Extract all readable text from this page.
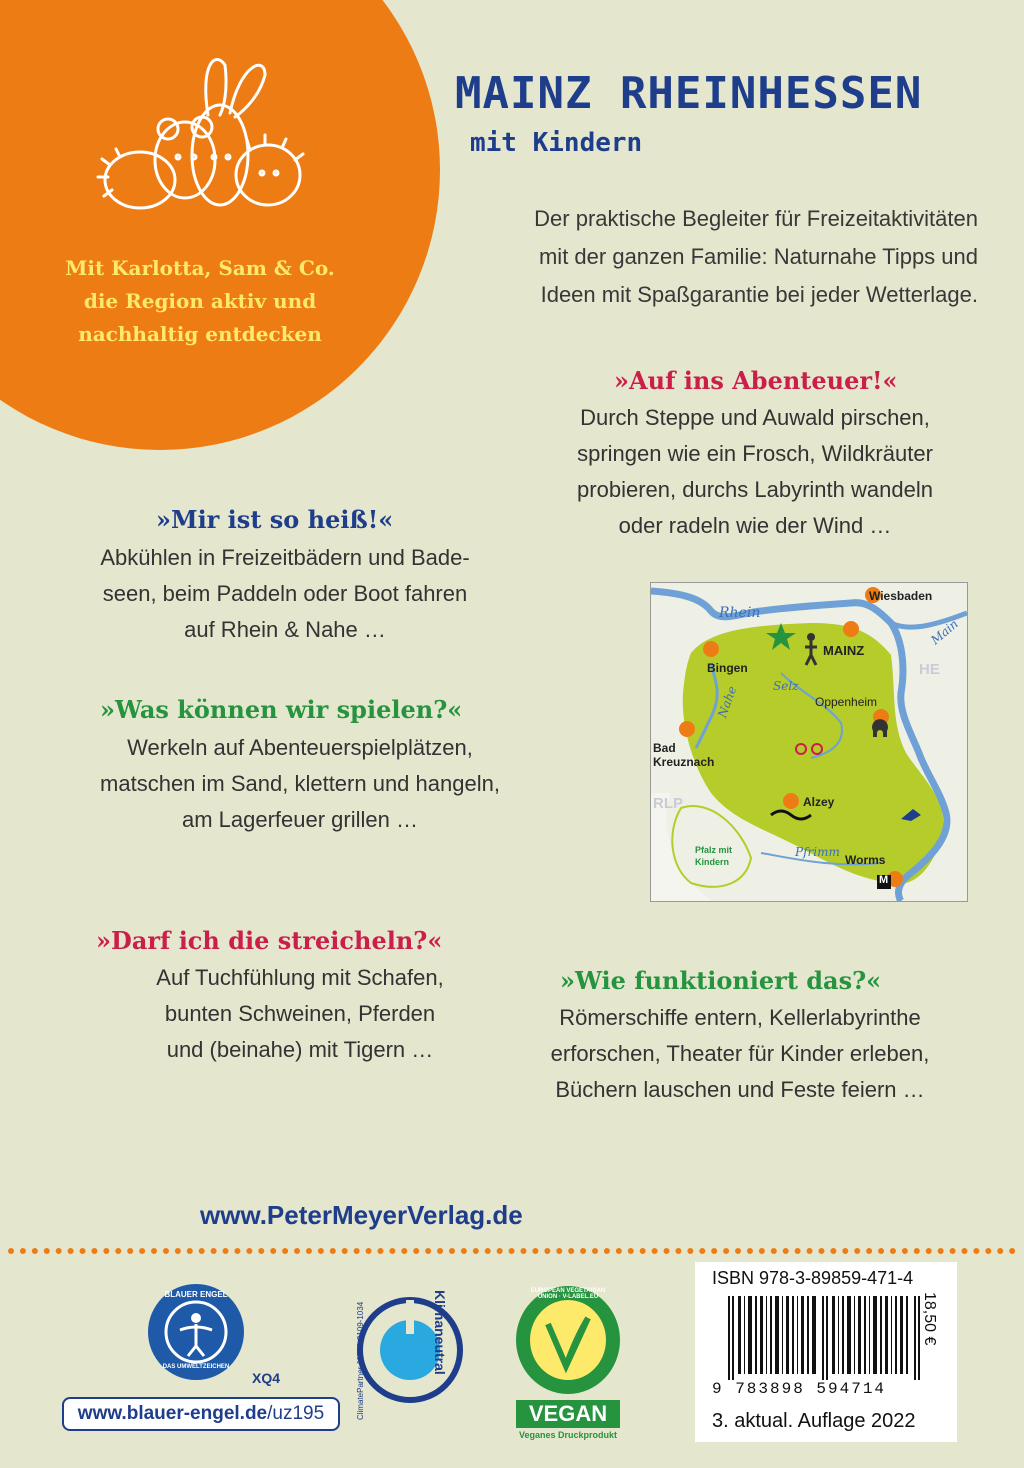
Mit Karlotta, Sam & Co.
die Region aktiv und
nachhaltig entdecken
MAINZ RHEINHESSEN
mit Kindern
Der praktische Begleiter für Freizeitaktivitäten
mit der ganzen Familie: Naturnahe Tipps und
Ideen mit Spaßgarantie bei jeder Wetterlage.
»Auf ins Abenteuer!«
Durch Steppe und Auwald pirschen,
springen wie ein Frosch, Wildkräuter
probieren, durchs Labyrinth wandeln
oder radeln wie der Wind …
»Mir ist so heiß!«
Abkühlen in Freizeitbädern und Bade-
seen, beim Paddeln oder Boot fahren
auf Rhein & Nahe …
»Was können wir spielen?«
Werkeln auf Abenteuerspielplätzen,
matschen im Sand, klettern und hangeln,
am Lagerfeuer grillen …
»Darf ich die streicheln?«
Auf Tuchfühlung mit Schafen,
bunten Schweinen, Pferden
und (beinahe) mit Tigern …
»Wie funktioniert das?«
Römerschiffe entern, Kellerlabyrinthe
erforschen, Theater für Kinder erleben,
Büchern lauschen und Feste feiern …
Wiesbaden
MAINZ
Bingen
Oppenheim
Bad
Kreuznach
Alzey
Worms
M
Rhein
Main
Nahe	Selz
Pfrimm
HE
RLP
Pfalz mit
Kindern
www.PeterMeyerVerlag.de
BLAUER ENGEL
DAS UMWELTZEICHEN
XQ4
www.blauer-engel.de/uz195
Klimaneutral
ClimatePartner 11339-2109-1034
EUROPEAN VEGETARIAN UNION · V-LABEL.EU
VEGAN
Veganes Druckprodukt
ISBN 978-3-89859-471-4
9 783898 594714
18,50 €
3. aktual. Auflage 2022
